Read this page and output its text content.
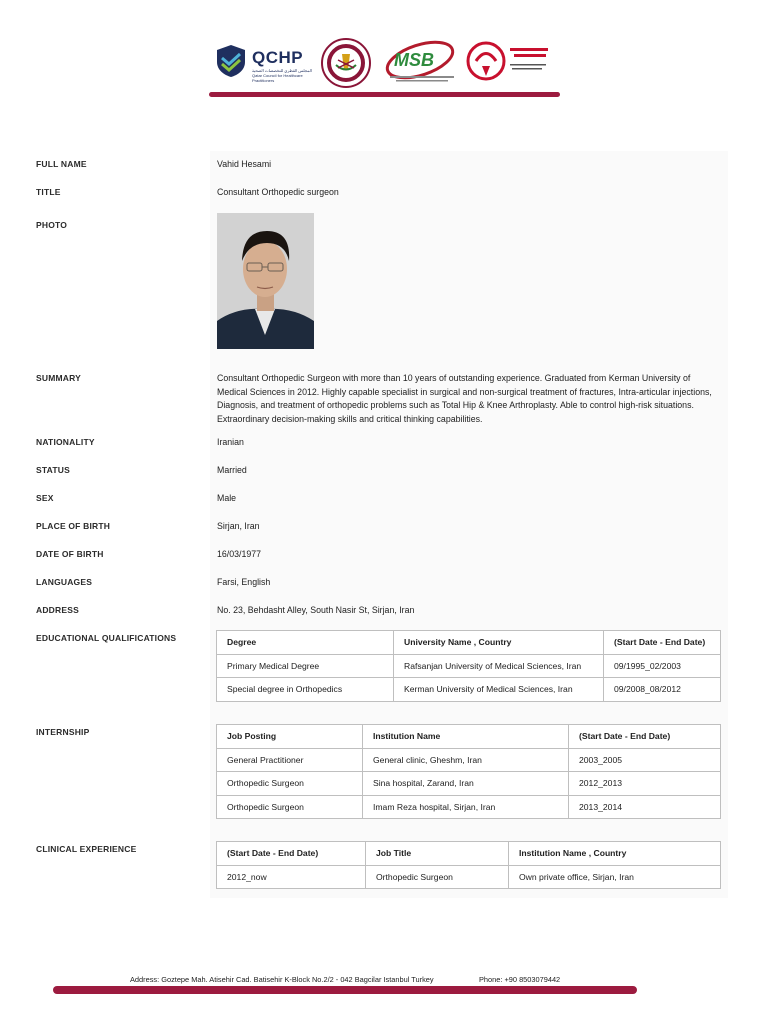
QCHP
المجلس القطري للتخصصات الصحية Qatar Council for Healthcare Practitioners
MSB
FULL NAME	Vahid Hesami
TITLE	Consultant Orthopedic surgeon
PHOTO
SUMMARY	Consultant Orthopedic Surgeon with more than 10 years of outstanding experience. Graduated from Kerman University of Medical Sciences in 2012. Highly capable specialist in surgical and non-surgical treatment of fractures, Intra-articular injections, Diagnosis, and treatment of orthopedic problems such as Total Hip & Knee Arthroplasty. Able to control high-risk situations. Extraordinary decision-making skills and critical thinking capabilities.
NATIONALITY	Iranian
STATUS	Married
SEX	Male
PLACE OF BIRTH	Sirjan, Iran
DATE OF BIRTH	16/03/1977
LANGUAGES	Farsi, English
ADDRESS	No. 23, Behdasht Alley, South Nasir St, Sirjan, Iran
EDUCATIONAL QUALIFICATIONS	Degree	University Name , Country	(Start Date - End Date)
Primary Medical Degree	Rafsanjan University of Medical Sciences, Iran	09/1995_02/2003
Special degree in Orthopedics	Kerman University of Medical Sciences, Iran	09/2008_08/2012
INTERNSHIP	Job Posting	Institution Name	(Start Date - End Date)
General Practitioner	General clinic, Gheshm, Iran	2003_2005
Orthopedic Surgeon	Sina hospital, Zarand, Iran	2012_2013
Orthopedic Surgeon	Imam Reza hospital, Sirjan, Iran	2013_2014
CLINICAL EXPERIENCE	(Start Date - End Date)	Job Title	Institution Name , Country
2012_now	Orthopedic Surgeon	Own private office, Sirjan, Iran
Address: Goztepe Mah. Atisehir Cad. Batisehir K-Block No.2/2 - 042 Bagcilar Istanbul Turkey	Phone: +90 8503079442
